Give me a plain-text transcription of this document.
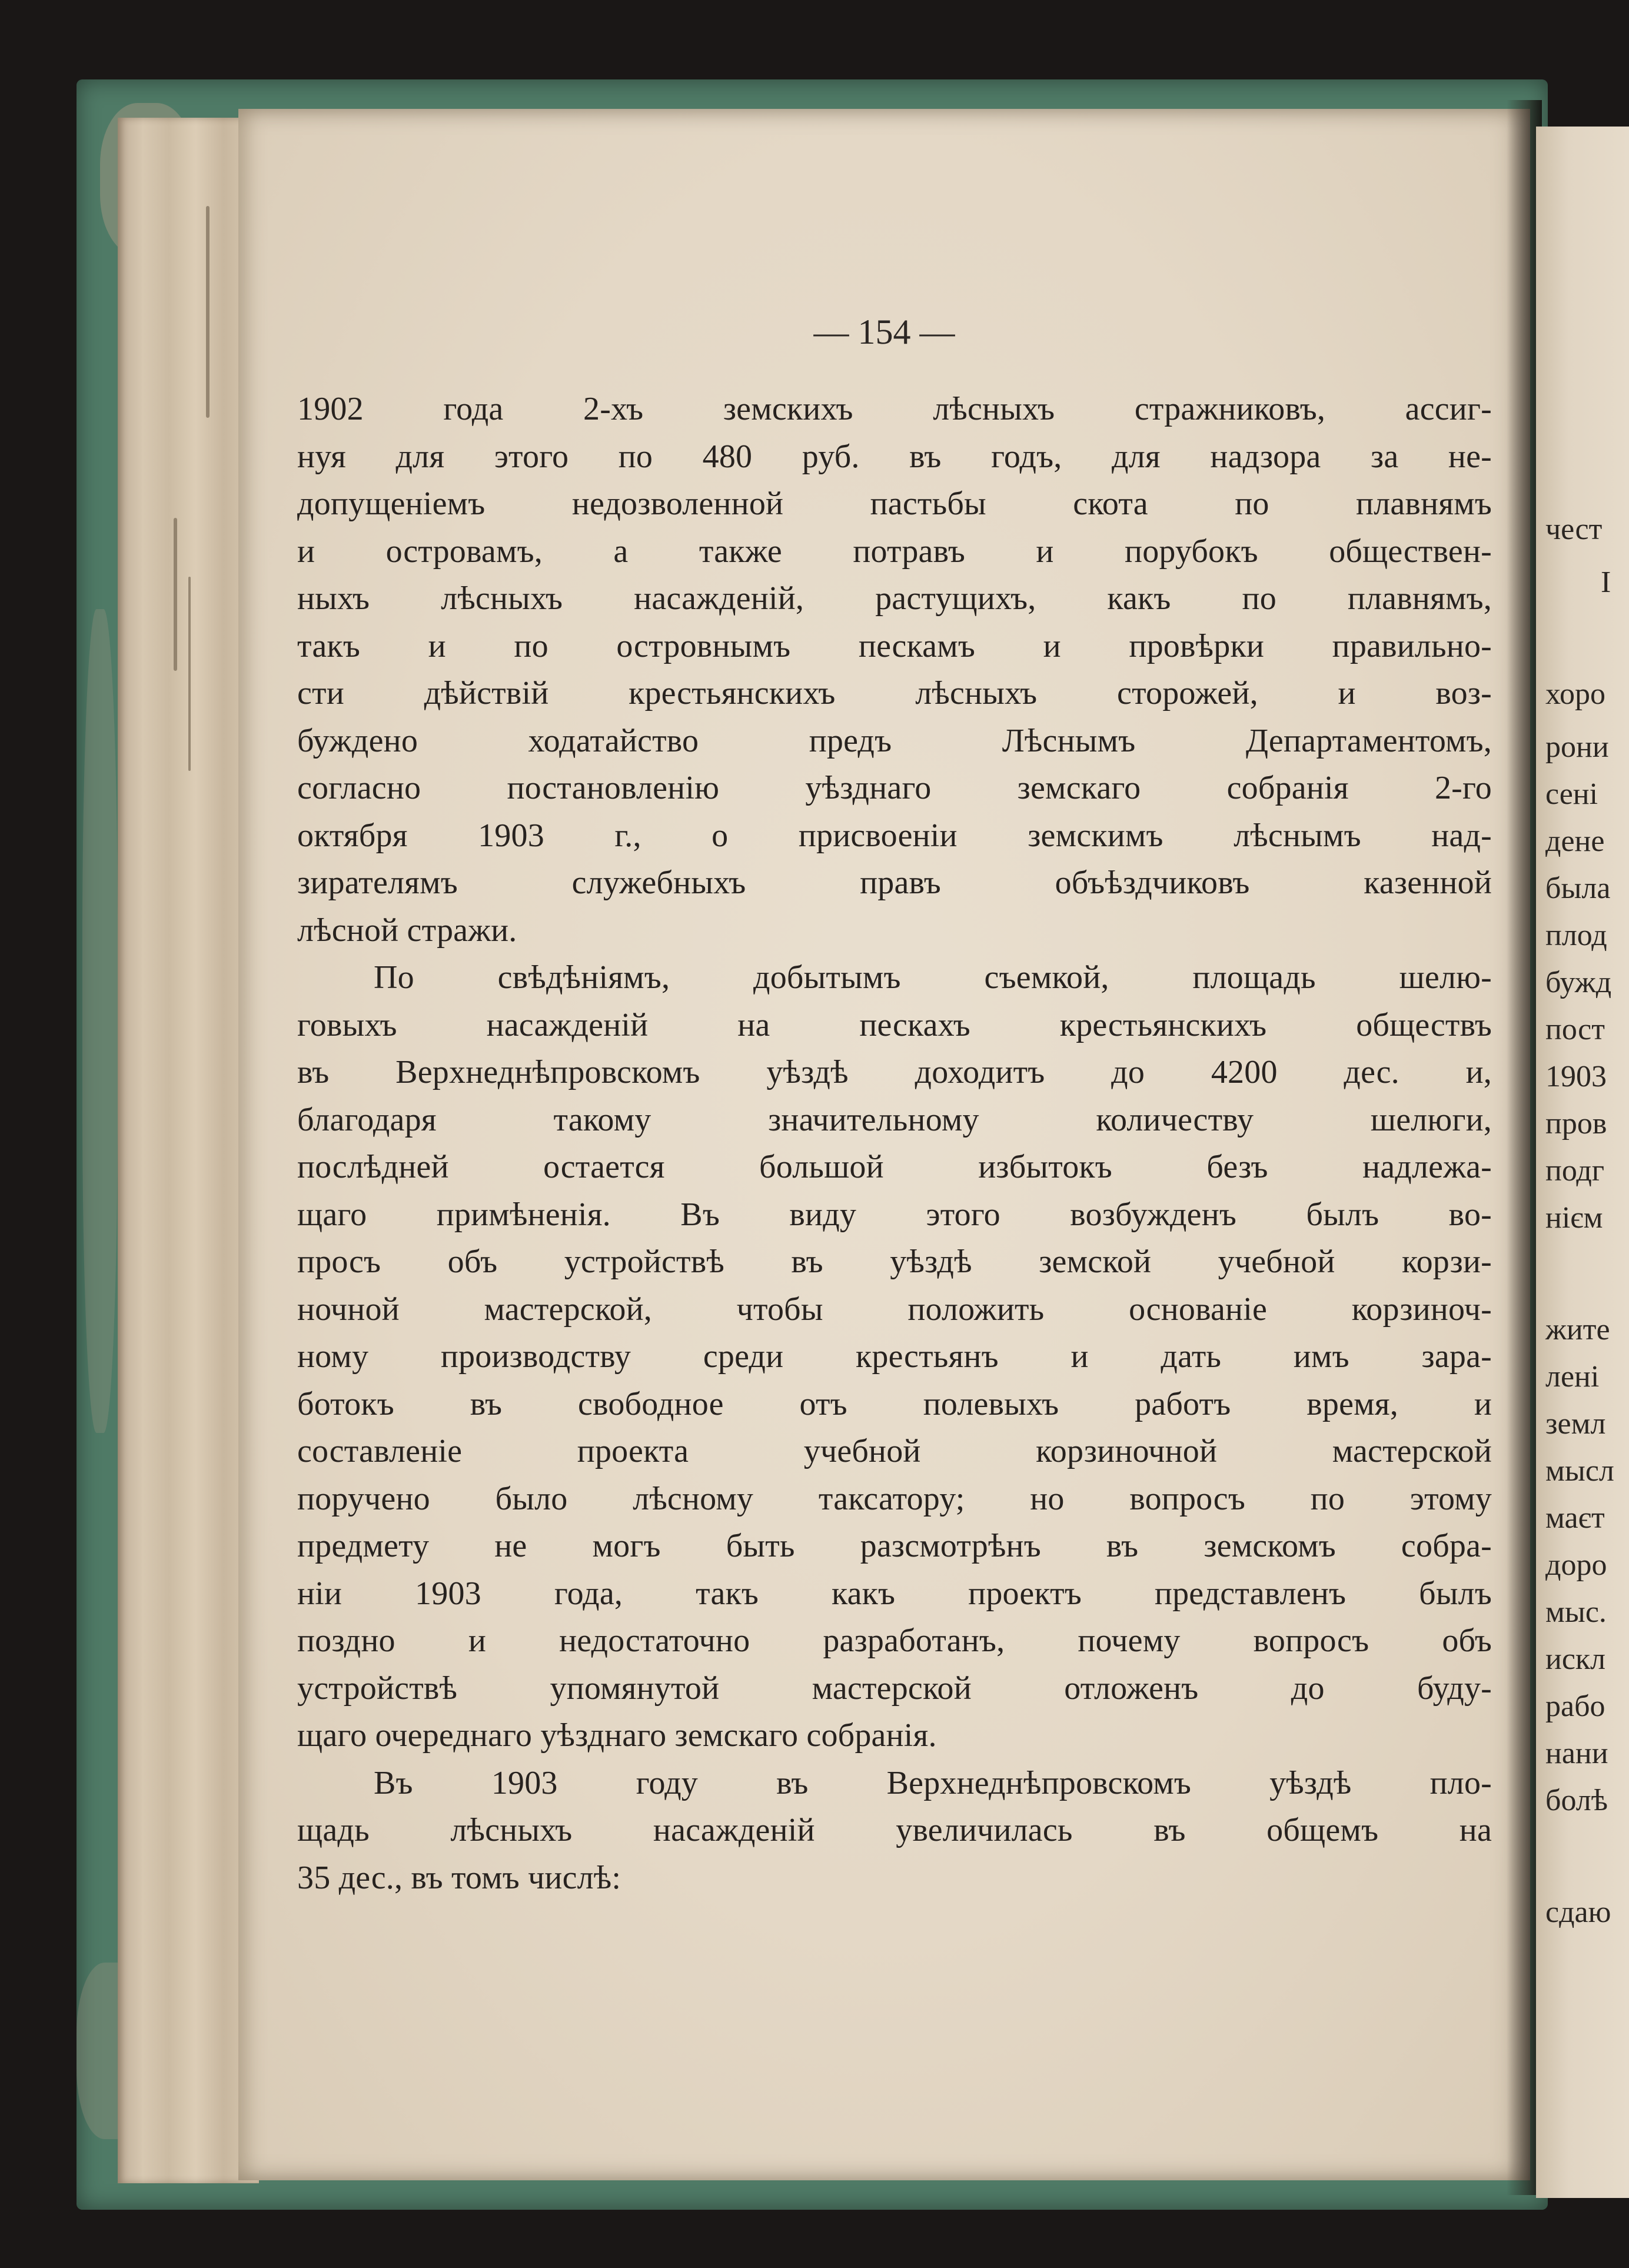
— 154 —
1902 года 2-хъ земскихъ лѣсныхъ стражниковъ, ассиг-
нуя для этого по 480 руб. въ годъ, для надзора за не-
допущеніемъ недозволенной пастьбы скота по плавнямъ
и островамъ, а также потравъ и порубокъ обществен-
ныхъ лѣсныхъ насажденій, растущихъ, какъ по плавнямъ,
такъ и по островнымъ пескамъ и провѣрки правильно-
сти дѣйствій крестьянскихъ лѣсныхъ сторожей, и воз-
буждено ходатайство предъ Лѣснымъ Департаментомъ,
согласно постановленію уѣзднаго земскаго собранія 2-го
октября 1903 г., о присвоеніи земскимъ лѣснымъ над-
зирателямъ служебныхъ правъ объѣздчиковъ казенной
лѣсной стражи.
По свѣдѣніямъ, добытымъ съемкой, площадь шелю-
говыхъ насажденій на пескахъ крестьянскихъ обществъ
въ Верхнеднѣпровскомъ уѣздѣ доходитъ до 4200 дес. и,
благодаря такому значительному количеству шелюги,
послѣдней остается большой избытокъ безъ надлежа-
щаго примѣненія. Въ виду этого возбужденъ былъ во-
просъ объ устройствѣ въ уѣздѣ земской учебной корзи-
ночной мастерской, чтобы положить основаніе корзиноч-
ному производству среди крестьянъ и дать имъ зара-
ботокъ въ свободное отъ полевыхъ работъ время, и
составленіе проекта учебной корзиночной мастерской
поручено было лѣсному таксатору; но вопросъ по этому
предмету не могъ быть разсмотрѣнъ въ земскомъ собра-
ніи 1903 года, такъ какъ проектъ представленъ былъ
поздно и недостаточно разработанъ, почему вопросъ объ
устройствѣ упомянутой мастерской отложенъ до буду-
щаго очереднаго уѣзднаго земскаго собранія.
Въ 1903 году въ Верхнеднѣпровскомъ уѣздѣ пло-
щадь лѣсныхъ насажденій увеличилась въ общемъ на
35 дес., въ томъ числѣ:
чест
I
хоро
рони
сені
дене
была
плод
бужд
пост
1903
пров
подг
нієм
жите
лені
земл
мысл
маєт
доро
мыс.
искл
рабо
нани
болѣ
сдаю
